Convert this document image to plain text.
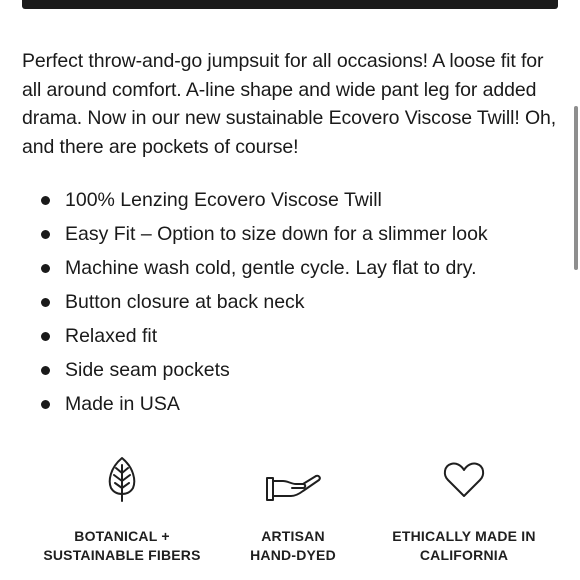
Perfect throw-and-go jumpsuit for all occasions! A loose fit for all around comfort. A-line shape and wide pant leg for added drama. Now in our new sustainable Ecovero Viscose Twill! Oh, and there are pockets of course!

100% Lenzing Ecovero Viscose Twill
Easy Fit – Option to size down for a slimmer look
Machine wash cold, gentle cycle. Lay flat to dry.
Button closure at back neck
Relaxed fit
Side seam pockets
Made in USA
BOTANICAL +
SUSTAINABLE FIBERS
ARTISAN
HAND-DYED
ETHICALLY MADE IN
CALIFORNIA
